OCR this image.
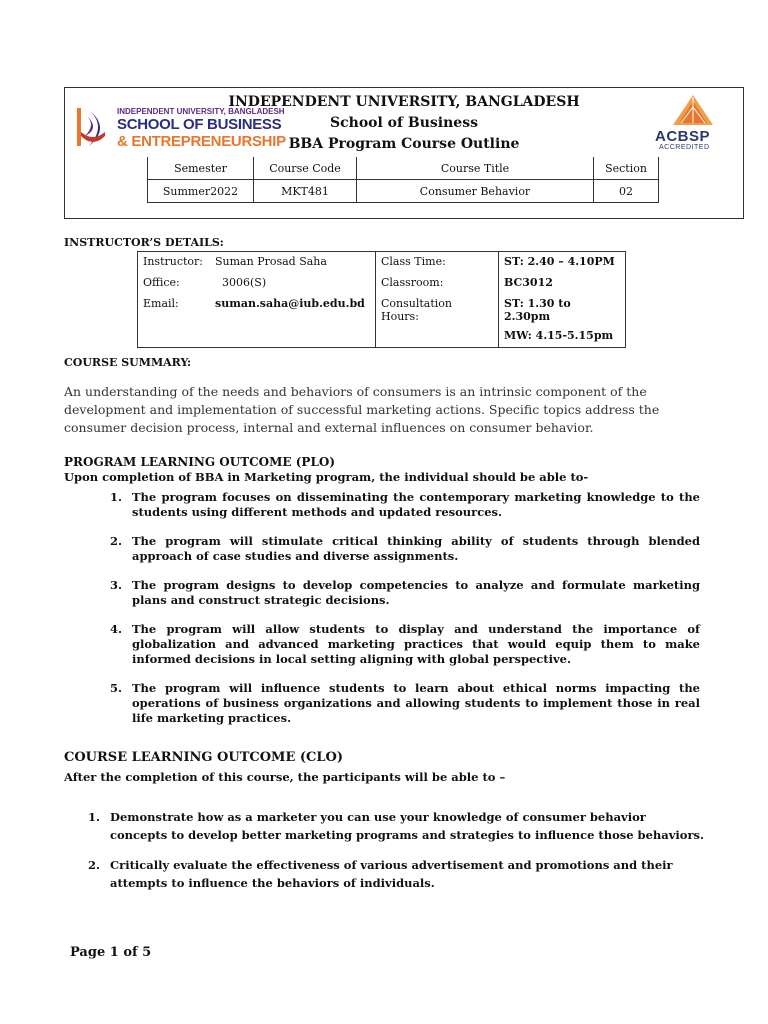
INDEPENDENT UNIVERSITY, BANGLADESH
SCHOOL OF BUSINESS
& ENTREPRENEURSHIP
INDEPENDENT UNIVERSITY, BANGLADESH
School of Business
BBA Program Course Outline	ACBSP
ACCREDITED
Semester	Course Code	Course Title	Section
Summer2022	MKT481	Consumer Behavior	02
INSTRUCTOR’S DETAILS:
Instructor:	Suman Prosad Saha	Class Time:	ST: 2.40 – 4.10PM
Office:	3006(S)	Classroom:	BC3012
Email:	suman.saha@iub.edu.bd	Consultation Hours:	ST: 1.30 to 2.30pm
			MW: 4.15-5.15pm
COURSE SUMMARY:
An understanding of the needs and behaviors of consumers is an intrinsic component of the development and implementation of successful marketing actions. Specific topics address the consumer decision process, internal and external influences on consumer behavior.
PROGRAM LEARNING OUTCOME (PLO)
Upon completion of BBA in Marketing program, the individual should be able to-
1. The program focuses on disseminating the contemporary marketing knowledge to the students using different methods and updated resources.
2. The program will stimulate critical thinking ability of students through blended approach of case studies and diverse assignments.
3. The program designs to develop competencies to analyze and formulate marketing plans and construct strategic decisions.
4. The program will allow students to display and understand the importance of globalization and advanced marketing practices that would equip them to make informed decisions in local setting aligning with global perspective.
5. The program will influence students to learn about ethical norms impacting the operations of business organizations and allowing students to implement those in real life marketing practices.
COURSE LEARNING OUTCOME (CLO)
After the completion of this course, the participants will be able to –
1. Demonstrate how as a marketer you can use your knowledge of consumer behavior concepts to develop better marketing programs and strategies to influence those behaviors.
2. Critically evaluate the effectiveness of various advertisement and promotions and their attempts to influence the behaviors of individuals.
Page 1 of 5
